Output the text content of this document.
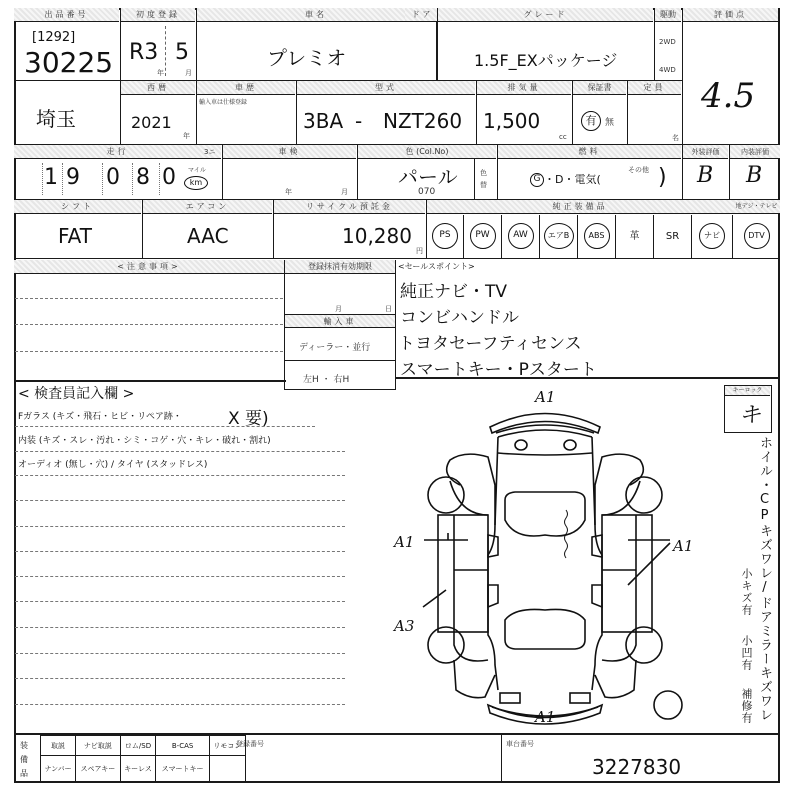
出品番号
[1292]
30225
初度登録
R3 5
年	月
車名
プレミオ
ドア	グレード
1.5F_EXパッケージ
駆動
2WD
4WD
評価点
4.5
埼玉
西暦
2021
年
車歴
輸入車は仕様登録
型式
3BA - NZT260
排気量
1,500
cc
保証書
有 無
定員
名
走行	3ニ
1 9 0 8 0 マイル
km
車検
年	月
色 (Col.No)
パール
070
色替
燃料
G ・D・電気(
その他 )
外装評価
B
内装評価
B
シフト
FAT
エアコン
AAC
リサイクル預託金
10,280
円
純正装備品	地デジ・テレビ
PS	PW	AW	エアB	ABS	革	SR	ナビ	DTV
<注意事項>	登録抹消有効期限
月	日
輸入車
ディーラー・並行
左H ・ 右H
<セールスポイント>
純正ナビ・TV
コンビハンドル
トヨタセーフティセンス
スマートキー・Pスタート
< 検査員記入欄 >
Fガラス (キズ・飛石・ヒビ・リペア跡・	X 要)
内装 (キズ・スレ・汚れ・シミ・コゲ・穴・キレ・破れ・割れ)
オーディオ (無し・穴) / タイヤ (スタッドレス)
A1
A1
A1
A3
A1
キーロック
キ
ホイル・CPキズワレ/ドアミラーキズワレ
小キズ有
小凹有
補修有
装備品
取説	ナビ取説	ロム/SD	B-CAS	リモコン
ナンバー	スペアキー	キーレス	スマートキー	
登録番号	車台番号
3227830
